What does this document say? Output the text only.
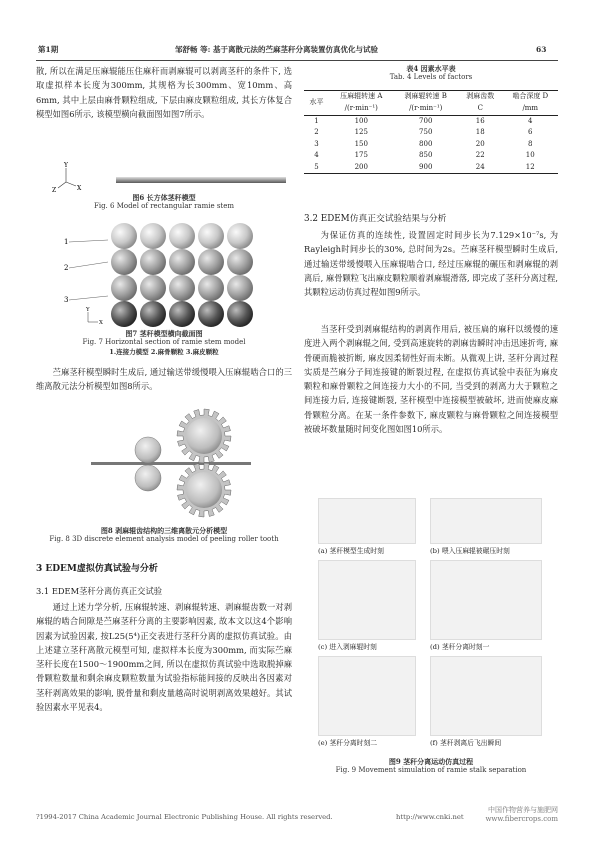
第1期	邹舒畅 等: 基于离散元法的苎麻茎秆分离装置仿真优化与试验	63
散, 所以在满足压麻辊能压住麻秆而剥麻辊可以剥离茎秆的条件下, 选取虚拟样本长度为300mm, 其规格为长300mm、宽10mm、高6mm, 其中上层由麻骨颗粒组成, 下层由麻皮颗粒组成, 其长方体复合模型如图6所示, 该模型横向截面图如图7所示。
Y
Z	X
图6 长方体茎秆模型
Fig. 6 Model of rectangular ramie stem
1
2
3
Y
X
图7 茎秆模型横向截面图
Fig. 7 Horizontal section of ramie stem model
1.连接力模型 2.麻骨颗粒 3.麻皮颗粒
苎麻茎秆模型瞬时生成后, 通过输送带缓慢喂入压麻辊啮合口的三维离散元法分析模型如图8所示。
图8 剥麻辊齿结构的三维离散元分析模型
Fig. 8 3D discrete element analysis model of peeling roller tooth
3 EDEM虚拟仿真试验与分析
3.1 EDEM茎秆分离仿真正交试验
通过上述力学分析, 压麻辊转速、剥麻辊转速、剥麻辊齿数一对剥麻辊的啮合间隙是苎麻茎秆分离的主要影响因素, 故本文以这4个影响因素为试验因素, 按L25(5⁴)正交表进行茎秆分离的虚拟仿真试验。由上述建立茎秆离散元模型可知, 虚拟样本长度为300mm, 而实际苎麻茎秆长度在1500～1900mm之间, 所以在虚拟仿真试验中选取脱掉麻骨颗粒数量和剩余麻皮颗粒数量为试验指标能间接的反映出各因素对茎秆剥离效果的影响, 脱骨量和剩皮量越高时说明剥离效果越好。其试验因素水平见表4。
表4 因素水平表
Tab. 4 Levels of factors
水平	压麻辊转速 A	剥麻辊转速 B	剥麻齿数	啮合深度 D
	/(r·min⁻¹)	/(r·min⁻¹)	C	/mm
1	100	700	16	4
2	125	750	18	6
3	150	800	20	8
4	175	850	22	10
5	200	900	24	12
3.2 EDEM仿真正交试验结果与分析
为保证仿真的连续性, 设置固定时间步长为7.129×10⁻⁷s, 为Rayleigh时间步长的30%, 总时间为2s。苎麻茎秆模型瞬时生成后, 通过输送带缓慢喂入压麻辊啮合口, 经过压麻辊的碾压和剥麻辊的剥离后, 麻骨颗粒飞出麻皮颗粒顺着剥麻辊滑落, 即完成了茎秆分离过程, 其颗粒运动仿真过程如图9所示。
当茎秆受到剥麻辊结构的剥离作用后, 被压扁的麻秆以缓慢的速度进入两个剥麻辊之间, 受到高速旋转的剥麻齿瞬时冲击迅速折弯, 麻骨硬而脆被折断, 麻皮因柔韧性好而未断。从微观上讲, 茎秆分离过程实质是苎麻分子间连接键的断裂过程, 在虚拟仿真试验中表征为麻皮颗粒和麻骨颗粒之间连接力大小的不同, 当受到的剥离力大于颗粒之间连接力后, 连接键断裂, 茎秆模型中连接模型被破坏, 进而使麻皮麻骨颗粒分离。在某一条件参数下, 麻皮颗粒与麻骨颗粒之间连接模型被破坏数量随时间变化图如图10所示。
(a) 茎秆模型生成时刻	(b) 喂入压麻辊被碾压时刻
(c) 进入剥麻辊时刻	(d) 茎秆分离时刻一
(e) 茎秆分离时刻二	(f) 茎秆剥离后飞出瞬间
图9 茎秆分离运动仿真过程
Fig. 9 Movement simulation of ramie stalk separation
?1994-2017 China Academic Journal Electronic Publishing House. All rights reserved.	http://www.cnki.net
中国作物营养与施肥网
www.fibercrops.com
